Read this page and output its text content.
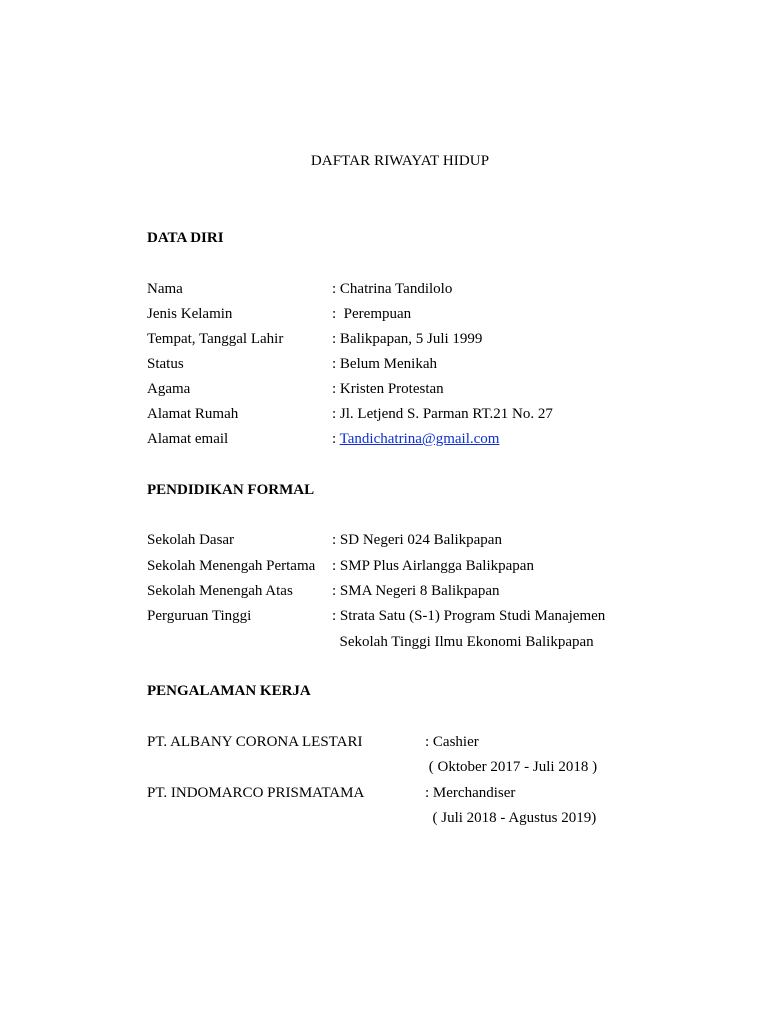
DAFTAR RIWAYAT HIDUP
DATA DIRI
Nama	: Chatrina Tandilolo
Jenis Kelamin	:  Perempuan
Tempat, Tanggal Lahir	: Balikpapan, 5 Juli 1999
Status	: Belum Menikah
Agama	: Kristen Protestan
Alamat Rumah	: Jl. Letjend S. Parman RT.21 No. 27
Alamat email	: Tandichatrina@gmail.com
PENDIDIKAN FORMAL
Sekolah Dasar	: SD Negeri 024 Balikpapan
Sekolah Menengah Pertama : SMP Plus Airlangga Balikpapan
Sekolah Menengah Atas	: SMA Negeri 8 Balikpapan
Perguruan Tinggi	: Strata Satu (S-1) Program Studi Manajemen
Sekolah Tinggi Ilmu Ekonomi Balikpapan
PENGALAMAN KERJA
PT. ALBANY CORONA LESTARI	: Cashier
( Oktober 2017 - Juli 2018 )
PT. INDOMARCO PRISMATAMA	: Merchandiser
( Juli 2018 - Agustus 2019)
